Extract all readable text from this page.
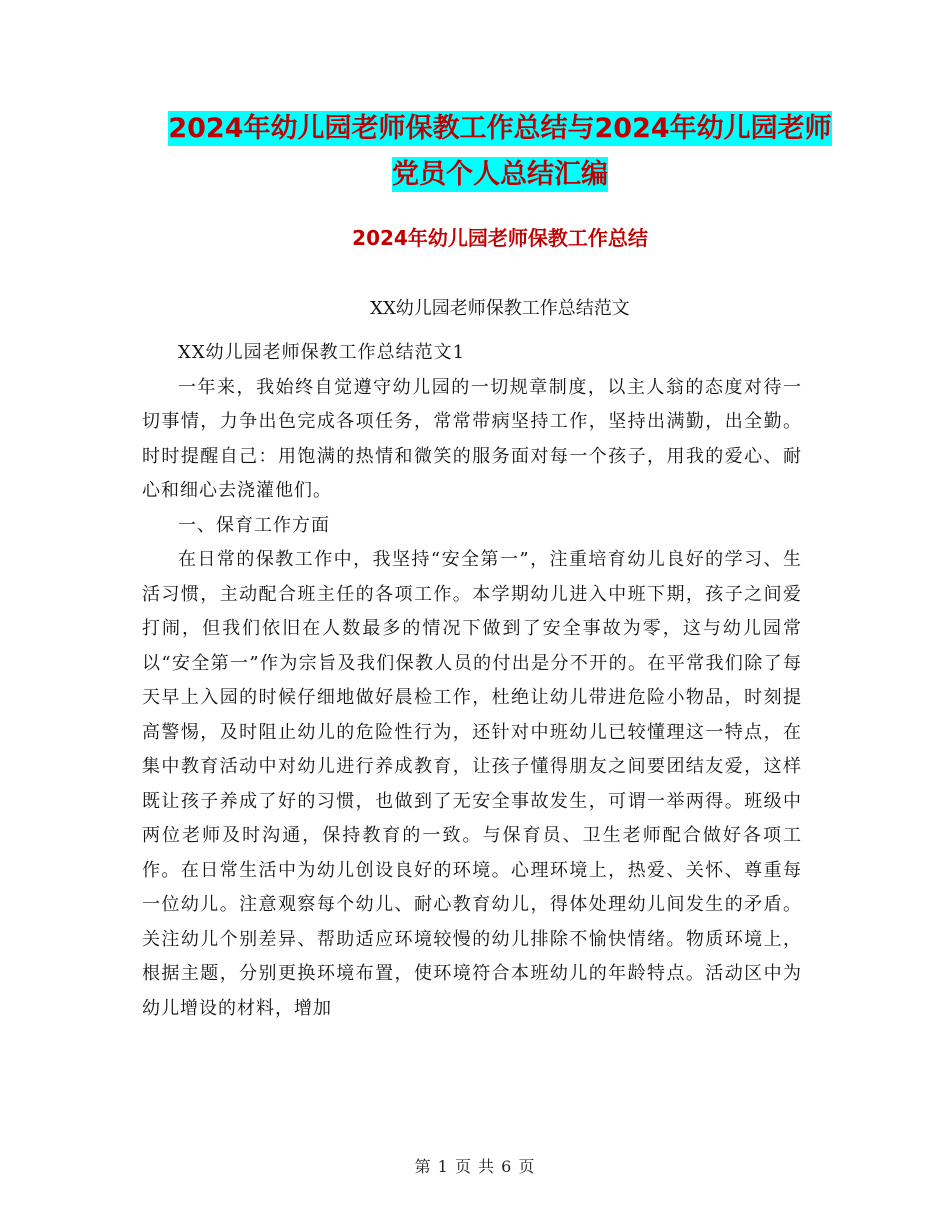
2024年幼儿园老师保教工作总结与2024年幼儿园老师
党员个人总结汇编
2024年幼儿园老师保教工作总结
XX幼儿园老师保教工作总结范文

XX幼儿园老师保教工作总结范文1

一年来，我始终自觉遵守幼儿园的一切规章制度，以主人翁的态度对待一切事情，力争出色完成各项任务，常常带病坚持工作，坚持出满勤，出全勤。时时提醒自己：用饱满的热情和微笑的服务面对每一个孩子，用我的爱心、耐心和细心去浇灌他们。

一、保育工作方面

在日常的保教工作中，我坚持“安全第一”，注重培育幼儿良好的学习、生活习惯，主动配合班主任的各项工作。本学期幼儿进入中班下期，孩子之间爱打闹，但我们依旧在人数最多的情况下做到了安全事故为零，这与幼儿园常以“安全第一”作为宗旨及我们保教人员的付出是分不开的。在平常我们除了每天早上入园的时候仔细地做好晨检工作，杜绝让幼儿带进危险小物品，时刻提高警惕，及时阻止幼儿的危险性行为，还针对中班幼儿已较懂理这一特点，在集中教育活动中对幼儿进行养成教育，让孩子懂得朋友之间要团结友爱，这样既让孩子养成了好的习惯，也做到了无安全事故发生，可谓一举两得。班级中两位老师及时沟通，保持教育的一致。与保育员、卫生老师配合做好各项工作。在日常生活中为幼儿创设良好的环境。心理环境上，热爱、关怀、尊重每一位幼儿。注意观察每个幼儿、耐心教育幼儿，得体处理幼儿间发生的矛盾。关注幼儿个别差异、帮助适应环境较慢的幼儿排除不愉快情绪。物质环境上，根据主题，分别更换环境布置，使环境符合本班幼儿的年龄特点。活动区中为幼儿增设的材料，增加

第 1 页 共 6 页
